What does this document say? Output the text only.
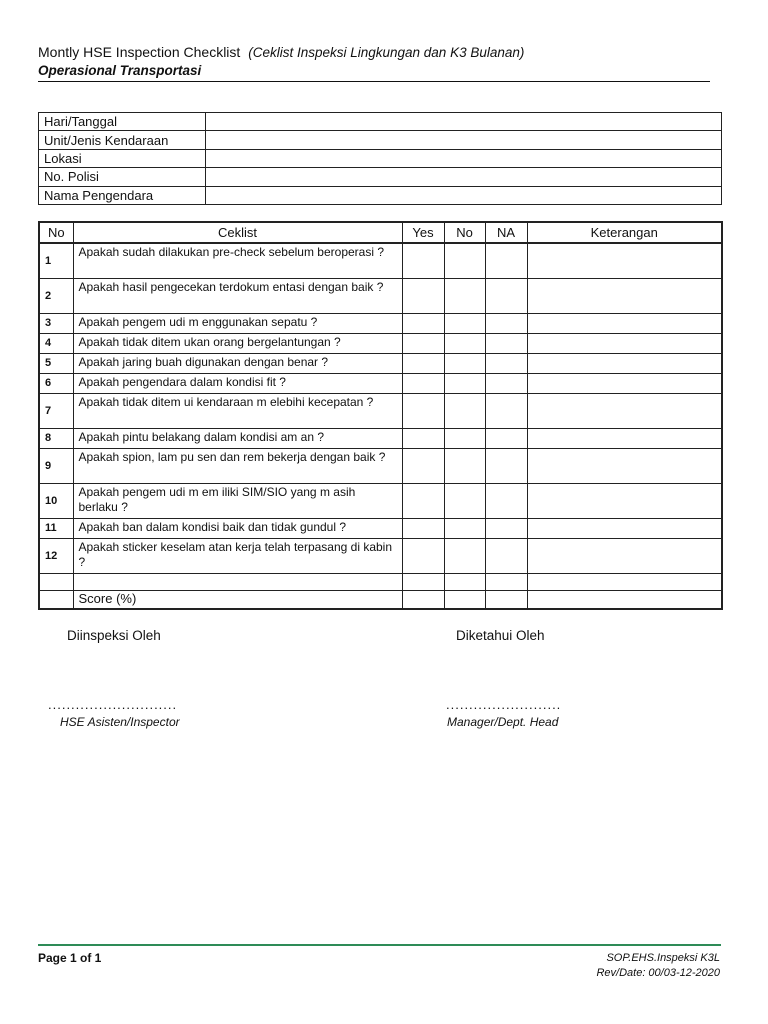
Montly HSE Inspection Checklist (Ceklist Inspeksi Lingkungan dan K3 Bulanan)
Operasional Transportasi
Hari/Tanggal	
Unit/Jenis Kendaraan	
Lokasi	
No. Polisi	
Nama Pengendara	
No	Ceklist	Yes	No	NA	Keterangan
1	Apakah sudah dilakukan pre-check sebelum beroperasi ?				
2	Apakah hasil pengecekan terdokum entasi dengan baik ?				
3	Apakah pengem udi m enggunakan sepatu ?				
4	Apakah tidak ditem ukan orang bergelantungan ?				
5	Apakah jaring buah digunakan dengan benar ?				
6	Apakah pengendara dalam kondisi fit ?				
7	Apakah tidak ditem ui kendaraan m elebihi kecepatan ?				
8	Apakah pintu belakang dalam kondisi am an ?				
9	Apakah spion, lam pu sen dan rem bekerja dengan baik ?				
10	Apakah pengem udi m em iliki SIM/SIO yang m asih berlaku ?				
11	Apakah ban dalam kondisi baik dan tidak gundul ?				
12	Apakah sticker keselam atan kerja telah terpasang di kabin ?				

	Score (%)				
Diinspeksi Oleh	Diketahui Oleh
............................	.........................
HSE Asisten/Inspector	Manager/Dept. Head
Page 1 of 1	SOP.EHS.Inspeksi K3L
Rev/Date: 00/03-12-2020
